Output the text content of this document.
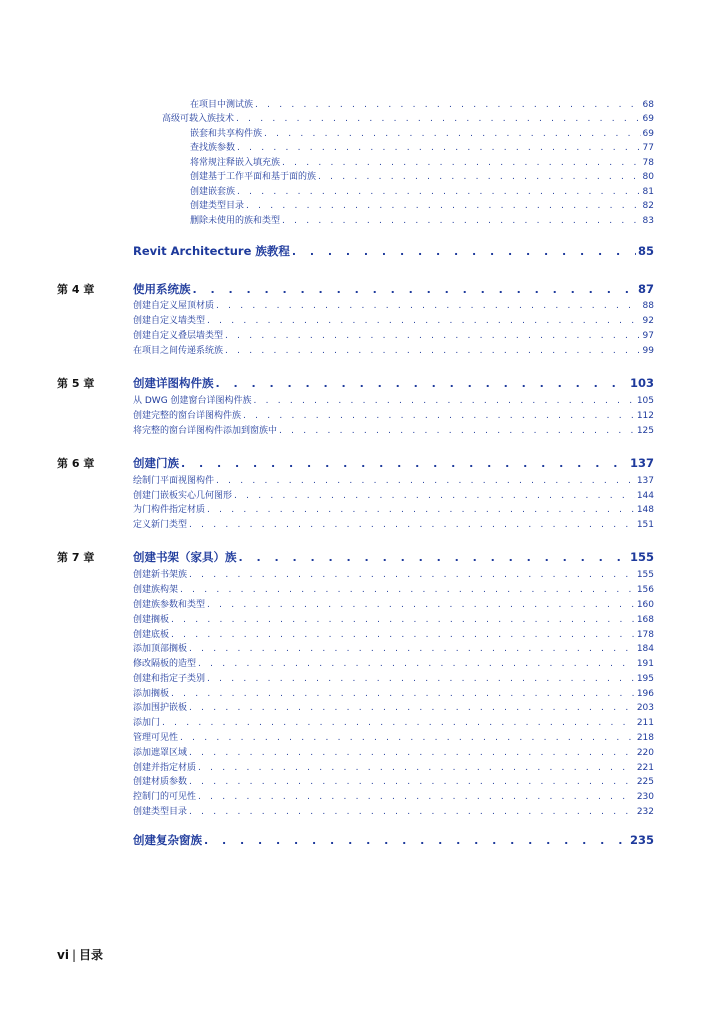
在项目中测试族 . . .	68
高级可载入族技术 . . .	69
嵌套和共享构件族 . . .	69
查找族参数 . . .	77
将常规注释嵌入填充族 . . .	78
创建基于工作平面和基于面的族 . . .	80
创建嵌套族 . . .	81
创建类型目录 . . .	82
删除未使用的族和类型 . . .	83
Revit Architecture 族教程 . . .	85
第 4 章	使用系统族 . . .	87
创建自定义屋顶材质 . . .	88
创建自定义墙类型 . . .	92
创建自定义叠层墙类型 . . .	97
在项目之间传递系统族 . . .	99
第 5 章	创建详图构件族 . . .	103
从 DWG 创建窗台详图构件族 . . .	105
创建完整的窗台详图构件族 . . .	112
将完整的窗台详图构件添加到窗族中 . . .	125
第 6 章	创建门族 . . .	137
绘制门平面视图构件 . . .	137
创建门嵌板实心几何图形 . . .	144
为门构件指定材质 . . .	148
定义新门类型 . . .	151
第 7 章	创建书架（家具）族 . . .	155
创建新书架族 . . .	155
创建族构架 . . .	156
创建族参数和类型 . . .	160
创建搁板 . . .	168
创建底板 . . .	178
添加顶部搁板 . . .	184
修改隔板的造型 . . .	191
创建和指定子类别 . . .	195
添加搁板 . . .	196
添加围护嵌板 . . .	203
添加门 . . .	211
管理可见性 . . .	218
添加遮罩区域 . . .	220
创建并指定材质 . . .	221
创建材质参数 . . .	225
控制门的可见性 . . .	230
创建类型目录 . . .	232
创建复杂窗族 . . .	235
vi | 目录
